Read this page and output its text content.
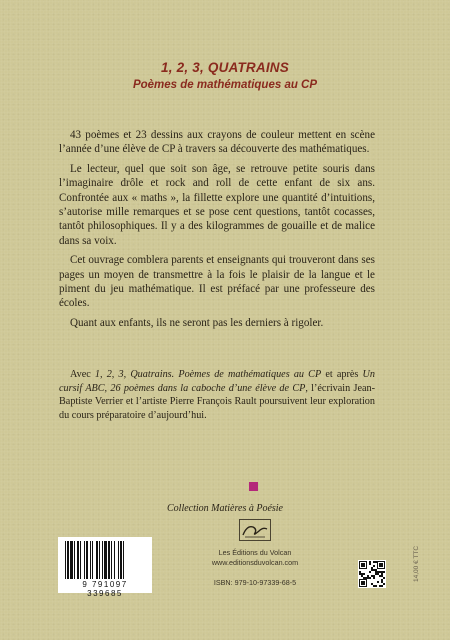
1, 2, 3, QUATRAINS
Poèmes de mathématiques au CP

43 poèmes et 23 dessins aux crayons de couleur mettent en scène l’année d’une élève de CP à travers sa découverte des mathématiques.

Le lecteur, quel que soit son âge, se retrouve petite souris dans l’imaginaire drôle et rock and roll de cette enfant de six ans. Confrontée aux « maths », la fillette explore une quantité d’intuitions, s’autorise mille remarques et se pose cent questions, tantôt cocasses, tantôt philosophiques. Il y a des kilogrammes de gouaille et de malice dans sa voix.

Cet ouvrage comblera parents et enseignants qui trouveront dans ses pages un moyen de transmettre à la fois le plaisir de la langue et le piment du jeu mathématique. Il est préfacé par une professeure des écoles.

Quant aux enfants, ils ne seront pas les derniers à rigoler.

Avec 1, 2, 3, Quatrains. Poèmes de mathématiques au CP et après Un cursif ABC, 26 poèmes dans la caboche d’une élève de CP, l’écrivain Jean-Baptiste Verrier et l’artiste Pierre François Rault poursuivent leur exploration du cours préparatoire d’aujourd’hui.
Collection Matières à Poésie
Les Éditions du Volcan
www.editionsduvolcan.com
ISBN: 979-10-97339-68-5
9 791097 339685
14,00 € TTC
